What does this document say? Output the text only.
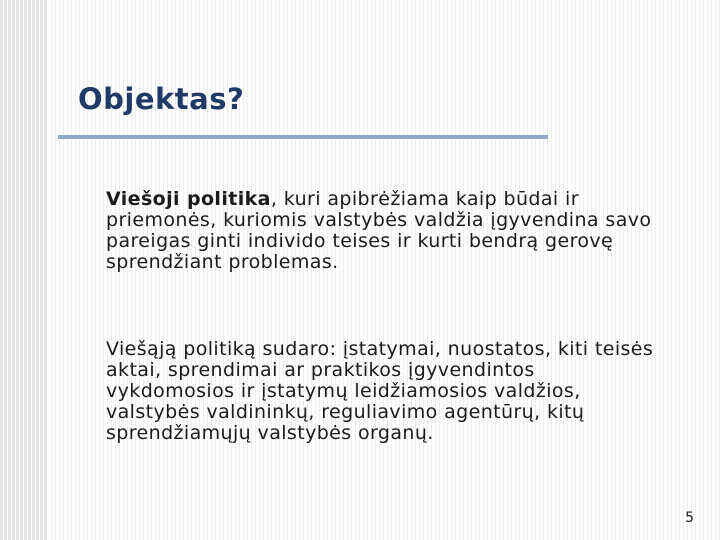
Objektas?

Viešoji politika, kuri apibrėžiama kaip būdai ir priemonės, kuriomis valstybės valdžia įgyvendina savo pareigas ginti individo teises ir kurti bendrą gerovę sprendžiant problemas.

Viešąją politiką sudaro: įstatymai, nuostatos, kiti teisės aktai, sprendimai ar praktikos įgyvendintos vykdomosios ir įstatymų leidžiamosios valdžios, valstybės valdininkų, reguliavimo agentūrų, kitų sprendžiamųjų valstybės organų.

5
